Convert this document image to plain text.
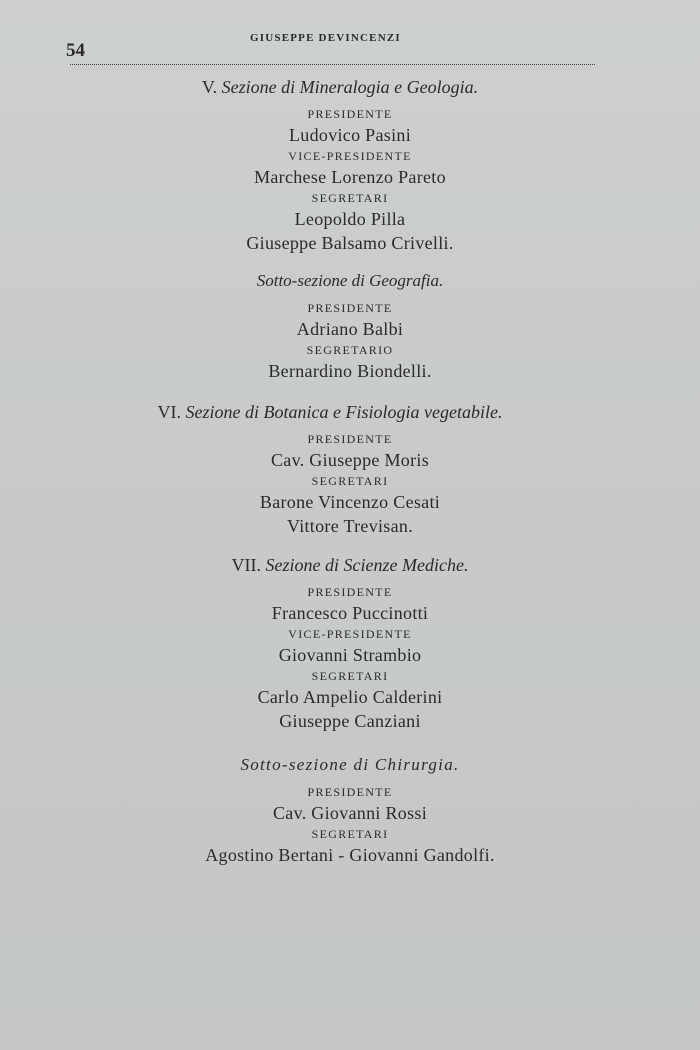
54
GIUSEPPE DEVINCENZI
V. Sezione di Mineralogia e Geologia.
PRESIDENTE
Ludovico Pasini
VICE-PRESIDENTE
Marchese Lorenzo Pareto
SEGRETARI
Leopoldo Pilla
Giuseppe Balsamo Crivelli.
Sotto-sezione di Geografia.
PRESIDENTE
Adriano Balbi
SEGRETARIO
Bernardino Biondelli.
VI. Sezione di Botanica e Fisiologia vegetabile.
PRESIDENTE
Cav. Giuseppe Moris
SEGRETARI
Barone Vincenzo Cesati
Vittore Trevisan.
VII. Sezione di Scienze Mediche.
PRESIDENTE
Francesco Puccinotti
VICE-PRESIDENTE
Giovanni Strambio
SEGRETARI
Carlo Ampelio Calderini
Giuseppe Canziani
Sotto-sezione di Chirurgia.
PRESIDENTE
Cav. Giovanni Rossi
SEGRETARI
Agostino Bertani - Giovanni Gandolfi.
